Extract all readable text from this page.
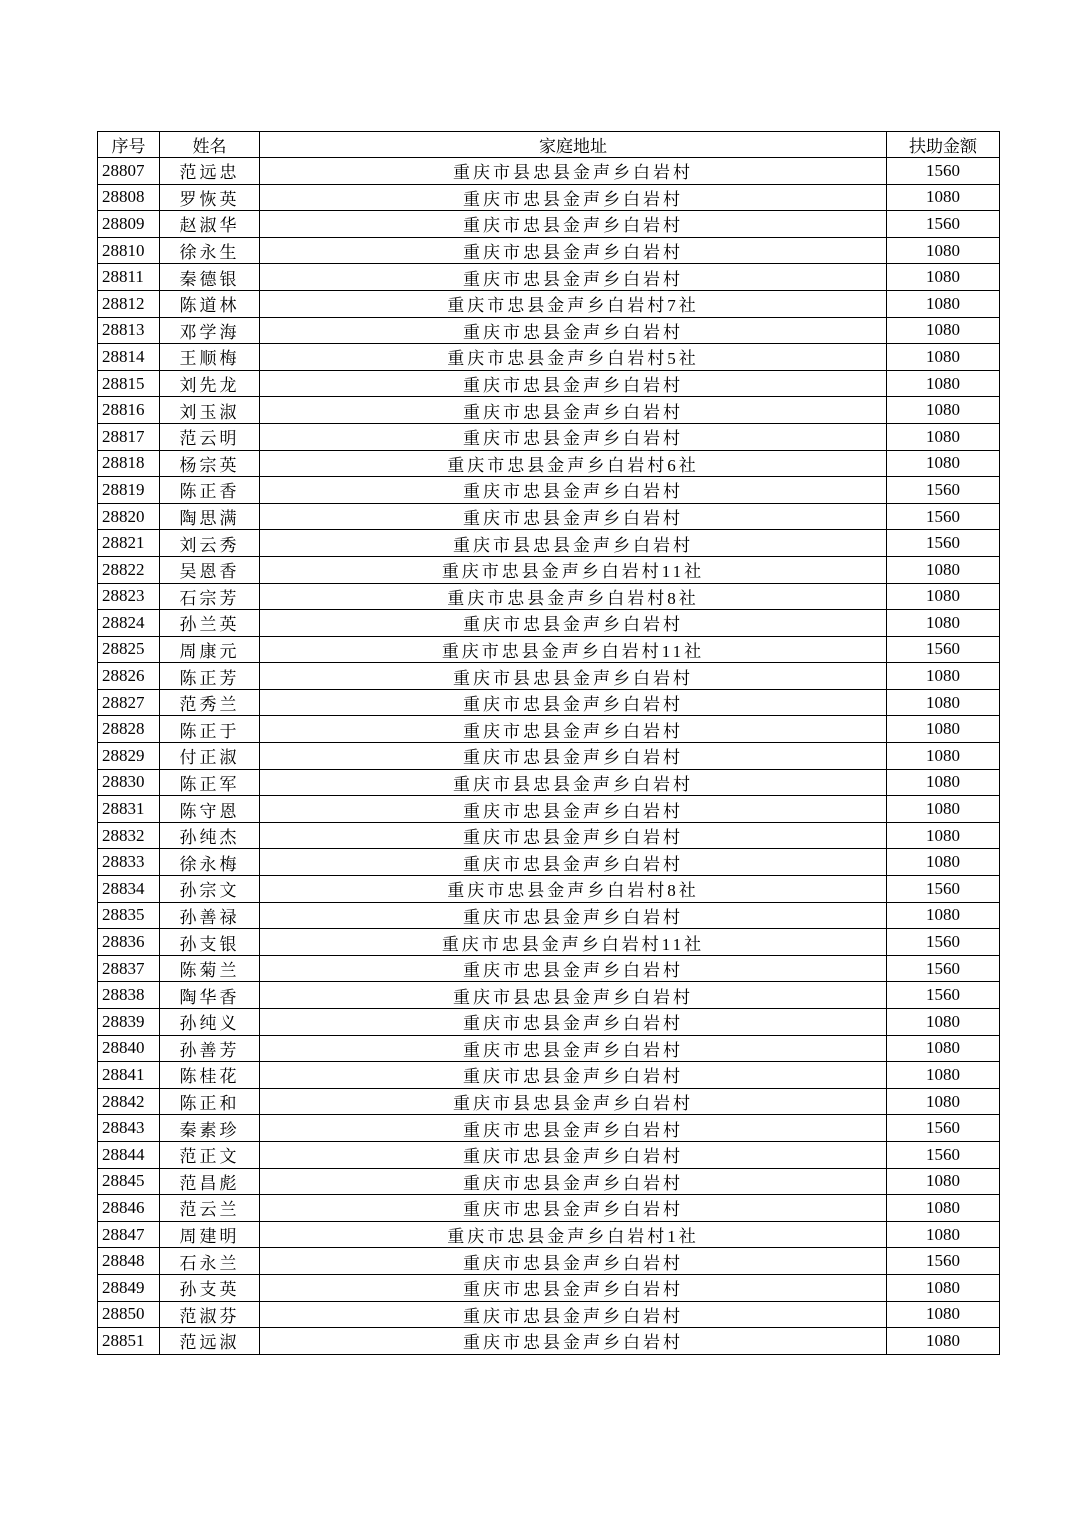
序号	姓名	家庭地址	扶助金额
28807	范远忠	重庆市县忠县金声乡白岩村	1560
28808	罗恢英	重庆市忠县金声乡白岩村	1080
28809	赵淑华	重庆市忠县金声乡白岩村	1560
28810	徐永生	重庆市忠县金声乡白岩村	1080
28811	秦德银	重庆市忠县金声乡白岩村	1080
28812	陈道林	重庆市忠县金声乡白岩村7社	1080
28813	邓学海	重庆市忠县金声乡白岩村	1080
28814	王顺梅	重庆市忠县金声乡白岩村5社	1080
28815	刘先龙	重庆市忠县金声乡白岩村	1080
28816	刘玉淑	重庆市忠县金声乡白岩村	1080
28817	范云明	重庆市忠县金声乡白岩村	1080
28818	杨宗英	重庆市忠县金声乡白岩村6社	1080
28819	陈正香	重庆市忠县金声乡白岩村	1560
28820	陶思满	重庆市忠县金声乡白岩村	1560
28821	刘云秀	重庆市县忠县金声乡白岩村	1560
28822	吴恩香	重庆市忠县金声乡白岩村11社	1080
28823	石宗芳	重庆市忠县金声乡白岩村8社	1080
28824	孙兰英	重庆市忠县金声乡白岩村	1080
28825	周康元	重庆市忠县金声乡白岩村11社	1560
28826	陈正芳	重庆市县忠县金声乡白岩村	1080
28827	范秀兰	重庆市忠县金声乡白岩村	1080
28828	陈正于	重庆市忠县金声乡白岩村	1080
28829	付正淑	重庆市忠县金声乡白岩村	1080
28830	陈正军	重庆市县忠县金声乡白岩村	1080
28831	陈守恩	重庆市忠县金声乡白岩村	1080
28832	孙纯杰	重庆市忠县金声乡白岩村	1080
28833	徐永梅	重庆市忠县金声乡白岩村	1080
28834	孙宗文	重庆市忠县金声乡白岩村8社	1560
28835	孙善禄	重庆市忠县金声乡白岩村	1080
28836	孙支银	重庆市忠县金声乡白岩村11社	1560
28837	陈菊兰	重庆市忠县金声乡白岩村	1560
28838	陶华香	重庆市县忠县金声乡白岩村	1560
28839	孙纯义	重庆市忠县金声乡白岩村	1080
28840	孙善芳	重庆市忠县金声乡白岩村	1080
28841	陈桂花	重庆市忠县金声乡白岩村	1080
28842	陈正和	重庆市县忠县金声乡白岩村	1080
28843	秦素珍	重庆市忠县金声乡白岩村	1560
28844	范正文	重庆市忠县金声乡白岩村	1560
28845	范昌彪	重庆市忠县金声乡白岩村	1080
28846	范云兰	重庆市忠县金声乡白岩村	1080
28847	周建明	重庆市忠县金声乡白岩村1社	1080
28848	石永兰	重庆市忠县金声乡白岩村	1560
28849	孙支英	重庆市忠县金声乡白岩村	1080
28850	范淑芬	重庆市忠县金声乡白岩村	1080
28851	范远淑	重庆市忠县金声乡白岩村	1080
